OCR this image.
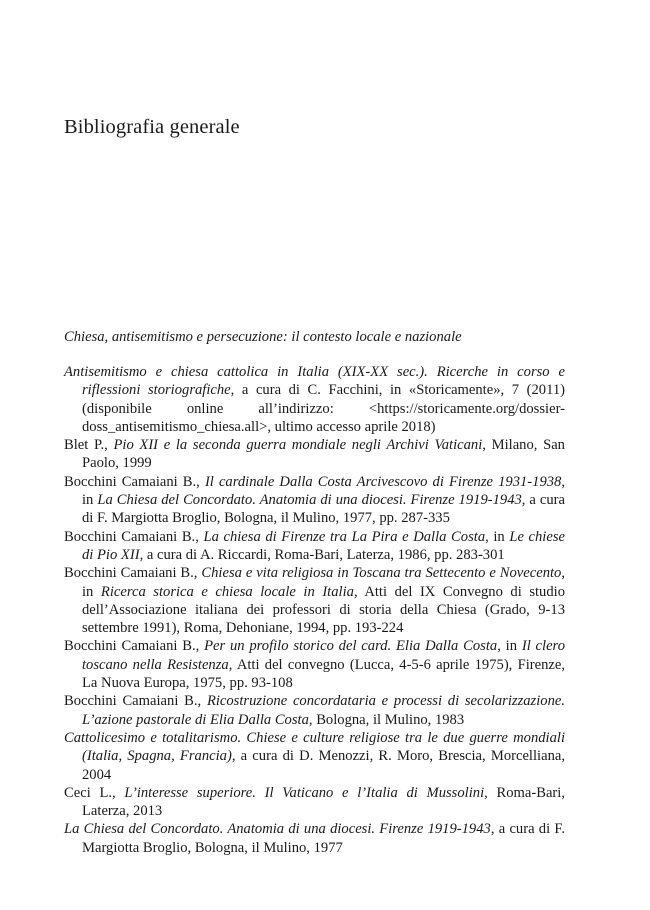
Bibliografia generale
Chiesa, antisemitismo e persecuzione: il contesto locale e nazionale

Antisemitismo e chiesa cattolica in Italia (XIX-XX sec.). Ricerche in corso e riflessioni storiografiche, a cura di C. Facchini, in «Storicamente», 7 (2011) (disponibile online all’indirizzo: <https://storicamente.org/dossier-doss_antisemitismo_chiesa.all>, ultimo accesso aprile 2018)

Blet P., Pio XII e la seconda guerra mondiale negli Archivi Vaticani, Milano, San Paolo, 1999

Bocchini Camaiani B., Il cardinale Dalla Costa Arcivescovo di Firenze 1931-1938, in La Chiesa del Concordato. Anatomia di una diocesi. Firenze 1919-1943, a cura di F. Margiotta Broglio, Bologna, il Mulino, 1977, pp. 287-335

Bocchini Camaiani B., La chiesa di Firenze tra La Pira e Dalla Costa, in Le chiese di Pio XII, a cura di A. Riccardi, Roma-Bari, Laterza, 1986, pp. 283-301

Bocchini Camaiani B., Chiesa e vita religiosa in Toscana tra Settecento e Novecento, in Ricerca storica e chiesa locale in Italia, Atti del IX Convegno di studio dell’Associazione italiana dei professori di storia della Chiesa (Grado, 9-13 settembre 1991), Roma, Dehoniane, 1994, pp. 193-224

Bocchini Camaiani B., Per un profilo storico del card. Elia Dalla Costa, in Il clero toscano nella Resistenza, Atti del convegno (Lucca, 4-5-6 aprile 1975), Firenze, La Nuova Europa, 1975, pp. 93-108

Bocchini Camaiani B., Ricostruzione concordataria e processi di secolarizzazione. L’azione pastorale di Elia Dalla Costa, Bologna, il Mulino, 1983

Cattolicesimo e totalitarismo. Chiese e culture religiose tra le due guerre mondiali (Italia, Spagna, Francia), a cura di D. Menozzi, R. Moro, Brescia, Morcelliana, 2004

Ceci L., L’interesse superiore. Il Vaticano e l’Italia di Mussolini, Roma-Bari, Laterza, 2013

La Chiesa del Concordato. Anatomia di una diocesi. Firenze 1919-1943, a cura di F. Margiotta Broglio, Bologna, il Mulino, 1977
